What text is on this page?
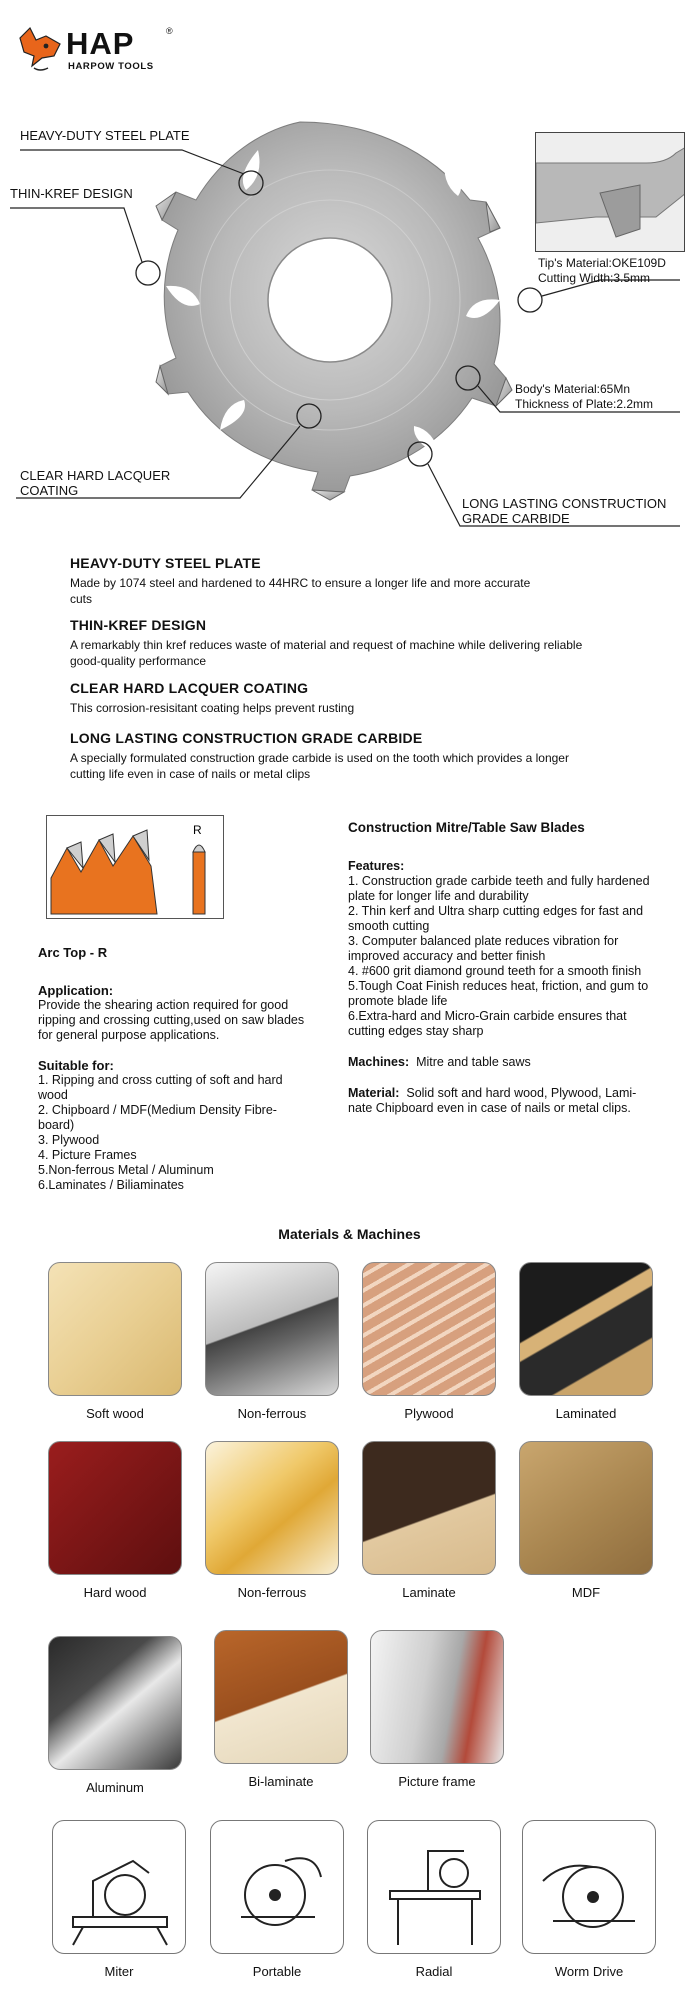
HAP	®
HARPOW TOOLS
HEAVY-DUTY STEEL PLATE
THIN-KREF DESIGN
Tip's Material:OKE109D
Cutting Width:3.5mm
Body's Material:65Mn
Thickness of Plate:2.2mm
CLEAR HARD LACQUER
COATING
LONG LASTING CONSTRUCTION
GRADE CARBIDE
HEAVY-DUTY STEEL PLATE

Made by 1074 steel and hardened to 44HRC to ensure a longer life and more accurate
cuts

THIN-KREF DESIGN

A remarkably thin kref reduces waste of material and request of machine while delivering reliable
good-quality performance

CLEAR HARD LACQUER COATING

This corrosion-resisitant coating helps prevent rusting

LONG LASTING CONSTRUCTION GRADE CARBIDE

A specially formulated construction grade carbide is used on the tooth which provides a longer
cutting life even in case of nails or metal clips

R
Arc Top - R
Application:
Provide the shearing action required for good
ripping and crossing cutting,used on saw blades
for general purpose applications.
Suitable for:
1. Ripping and cross cutting of soft and hard
wood
2. Chipboard / MDF(Medium Density Fibre-
board)
3. Plywood
4. Picture Frames
5.Non-ferrous Metal / Aluminum
6.Laminates / Biliaminates
Construction Mitre/Table Saw Blades
Features:
1. Construction grade carbide teeth and fully hardened
plate for longer life and durability
2. Thin kerf and Ultra sharp cutting edges for fast and
smooth cutting
3. Computer balanced plate reduces vibration for
improved accuracy and better finish
4. #600 grit diamond ground teeth for a smooth finish
5.Tough Coat Finish reduces heat, friction, and gum to
promote blade life
6.Extra-hard and Micro-Grain carbide ensures that
cutting edges stay sharp
Machines: Mitre and table saws
Material: Solid soft and hard wood, Plywood, Lami-
nate Chipboard even in case of nails or metal clips.
Materials & Machines
Soft wood	Non-ferrous	Plywood	Laminated
Hard wood	Non-ferrous	Laminate	MDF
Aluminum	Bi-laminate	Picture frame
Miter	Portable	Radial	Worm Drive
